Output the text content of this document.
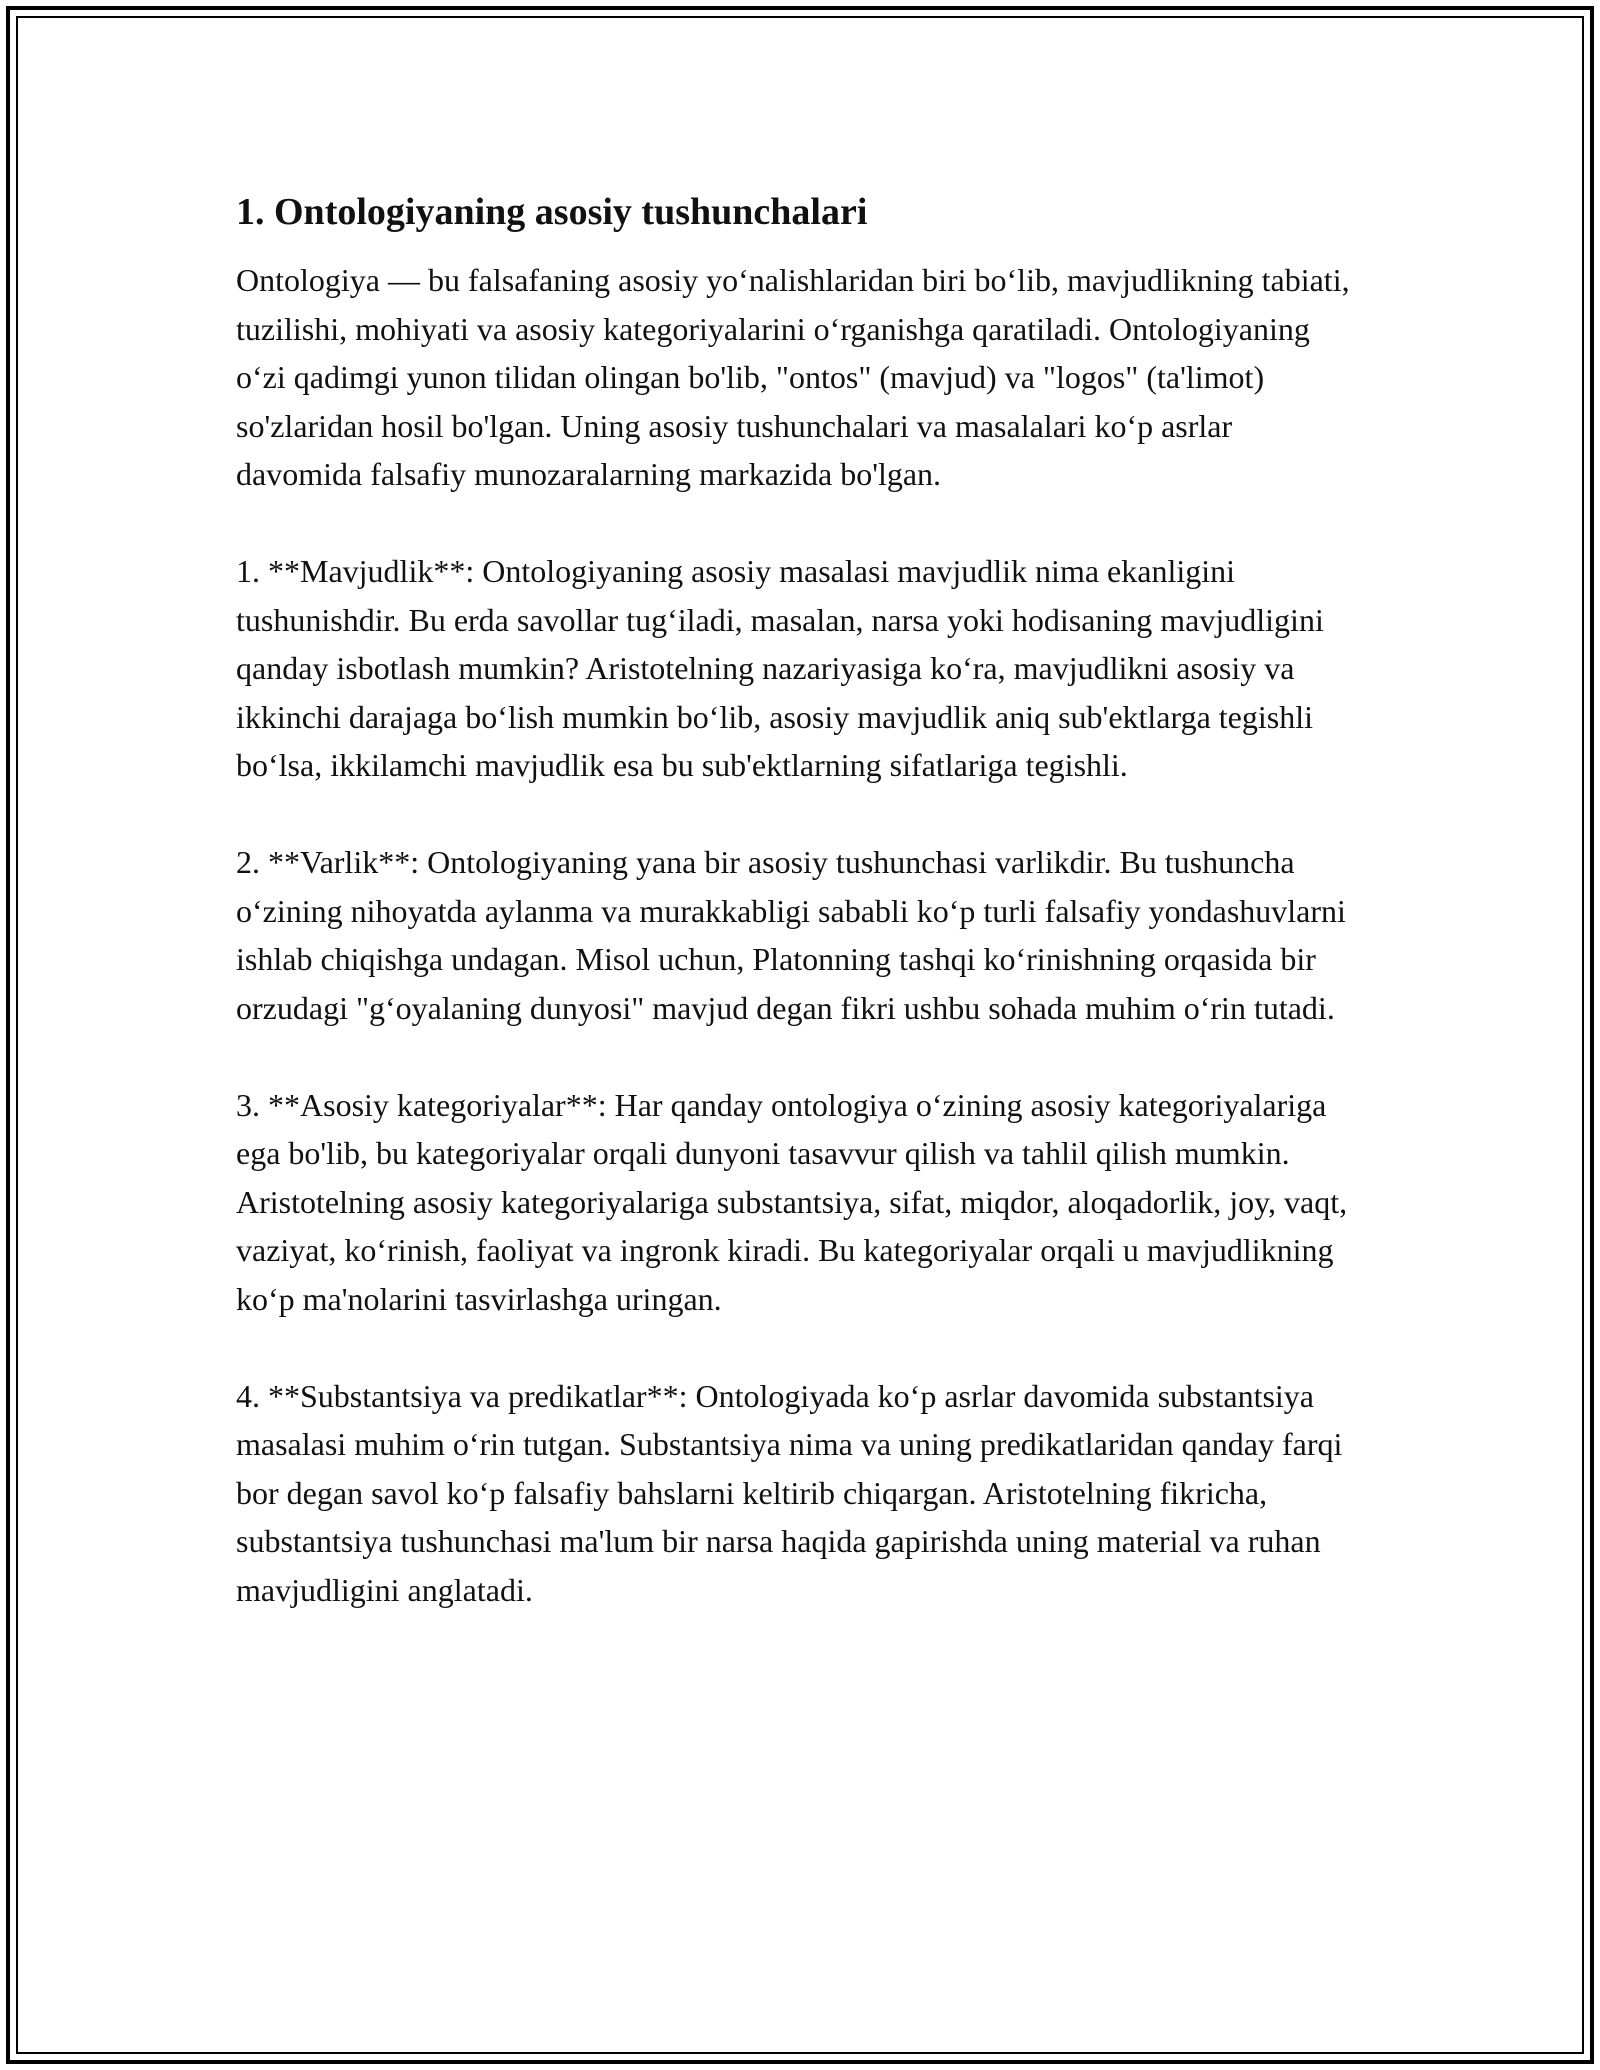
1. Ontologiyaning asosiy tushunchalari

Ontologiya — bu falsafaning asosiy yo‘nalishlaridan biri bo‘lib, mavjudlikning tabiati, tuzilishi, mohiyati va asosiy kategoriyalarini o‘rganishga qaratiladi. Ontologiyaning o‘zi qadimgi yunon tilidan olingan bo'lib, "ontos" (mavjud) va "logos" (ta'limot) so'zlaridan hosil bo'lgan. Uning asosiy tushunchalari va masalalari ko‘p asrlar davomida falsafiy munozaralarning markazida bo'lgan.

1. **Mavjudlik**: Ontologiyaning asosiy masalasi mavjudlik nima ekanligini tushunishdir. Bu erda savollar tug‘iladi, masalan, narsa yoki hodisaning mavjudligini qanday isbotlash mumkin? Aristotelning nazariyasiga ko‘ra, mavjudlikni asosiy va ikkinchi darajaga bo‘lish mumkin bo‘lib, asosiy mavjudlik aniq sub'ektlarga tegishli bo‘lsa, ikkilamchi mavjudlik esa bu sub'ektlarning sifatlariga tegishli.

2. **Varlik**: Ontologiyaning yana bir asosiy tushunchasi varlikdir. Bu tushuncha o‘zining nihoyatda aylanma va murakkabligi sababli ko‘p turli falsafiy yondashuvlarni ishlab chiqishga undagan. Misol uchun, Platonning tashqi ko‘rinishning orqasida bir orzudagi "g‘oyalaning dunyosi" mavjud degan fikri ushbu sohada muhim o‘rin tutadi.

3. **Asosiy kategoriyalar**: Har qanday ontologiya o‘zining asosiy kategoriyalariga ega bo'lib, bu kategoriyalar orqali dunyoni tasavvur qilish va tahlil qilish mumkin. Aristotelning asosiy kategoriyalariga substantsiya, sifat, miqdor, aloqadorlik, joy, vaqt, vaziyat, ko‘rinish, faoliyat va ingronk kiradi. Bu kategoriyalar orqali u mavjudlikning ko‘p ma'nolarini tasvirlashga uringan.

4. **Substantsiya va predikatlar**: Ontologiyada ko‘p asrlar davomida substantsiya masalasi muhim o‘rin tutgan. Substantsiya nima va uning predikatlaridan qanday farqi bor degan savol ko‘p falsafiy bahslarni keltirib chiqargan. Aristotelning fikricha, substantsiya tushunchasi ma'lum bir narsa haqida gapirishda uning material va ruhan mavjudligini anglatadi.
